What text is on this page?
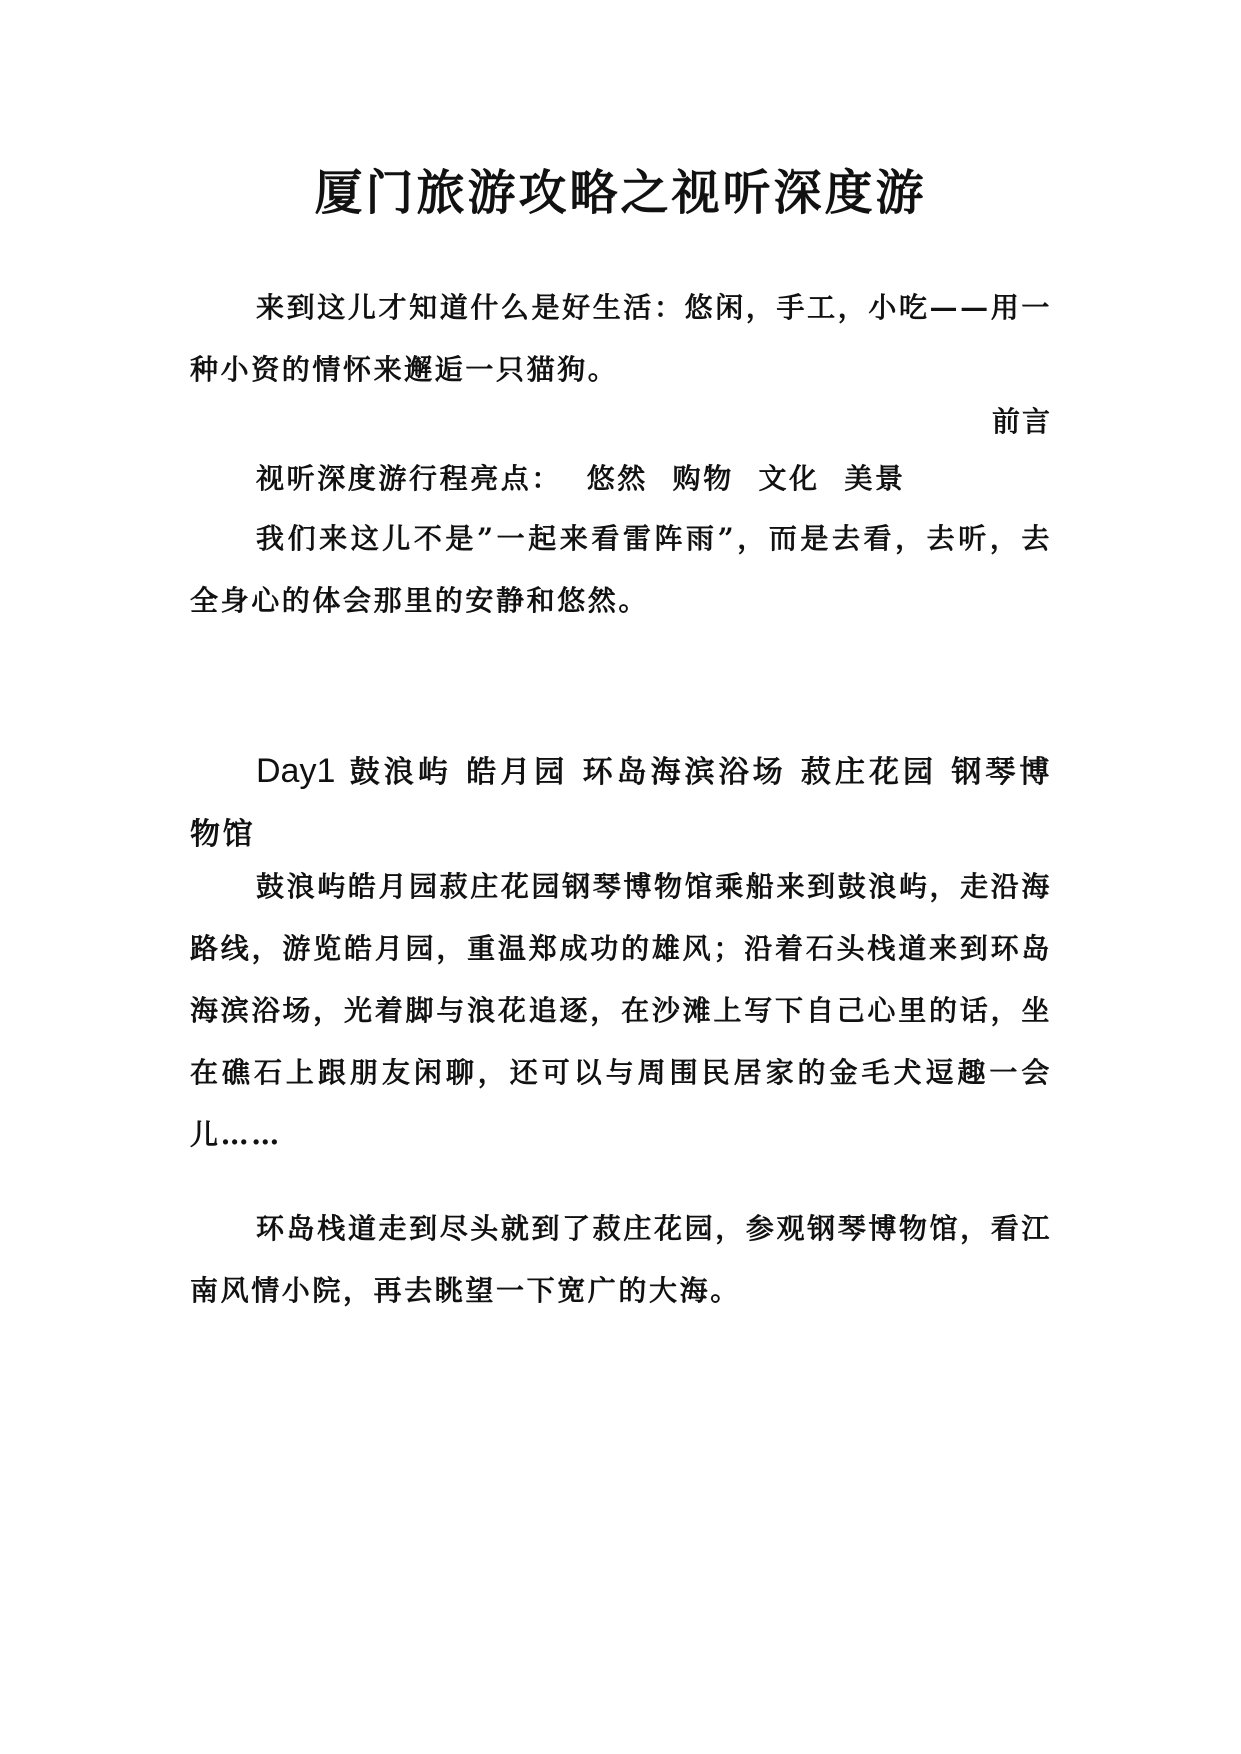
厦门旅游攻略之视听深度游

来到这儿才知道什么是好生活：悠闲，手工，小吃——用一种小资的情怀来邂逅一只猫狗。

前言

视听深度游行程亮点：  悠然  购物  文化  美景

我们来这儿不是”一起来看雷阵雨”，而是去看，去听，去全身心的体会那里的安静和悠然。

Day1 鼓浪屿 皓月园 环岛海滨浴场 菽庄花园 钢琴博物馆

鼓浪屿皓月园菽庄花园钢琴博物馆乘船来到鼓浪屿，走沿海路线，游览皓月园，重温郑成功的雄风；沿着石头栈道来到环岛海滨浴场，光着脚与浪花追逐，在沙滩上写下自己心里的话，坐在礁石上跟朋友闲聊，还可以与周围民居家的金毛犬逗趣一会儿……

环岛栈道走到尽头就到了菽庄花园，参观钢琴博物馆，看江南风情小院，再去眺望一下宽广的大海。
